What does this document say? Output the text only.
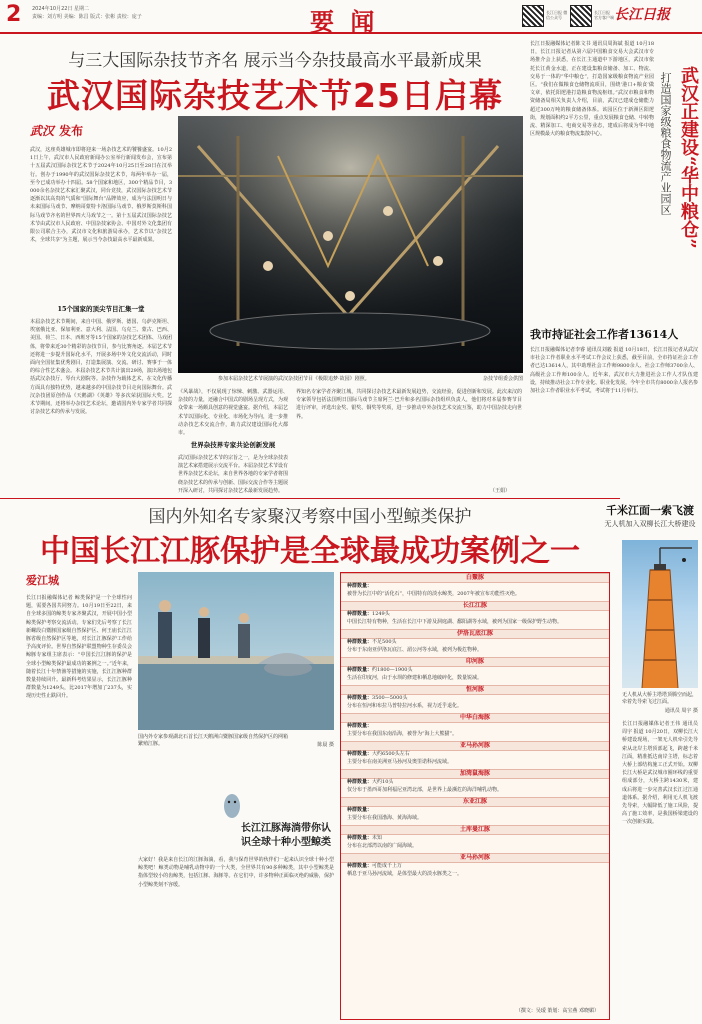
2 2024年10月22日 星期二
责编：刘方明 美编：陈昌 版式：张彬 责校：庞子	要 闻	长江日报 微信公众号
长江日报 官方客户端 长江日报
与三大国际杂技节齐名 展示当今杂技最高水平最新成果
武汉国际杂技艺术节25日启幕
武汉 发布
武汉，这座英雄城市即将迎来一场杂技艺术的饕餮盛宴。10月21日上午，武汉市人民政府新闻办公室举行新闻发布会，宣布第十五届武汉国际杂技艺术节于2024年10月25日至28日在汉举行。创办于1990年的武汉国际杂技艺术节，每两年举办一届，至今已成功举办十四届。58个国家和地区，300个精品节目，3000余名杂技艺术家汇聚武汉，同台竞技，武汉国际杂技艺术节逐渐以其高贵的气质和“国际舞台”品牌效应，成为与法国明日与未来国际马戏节、摩纳哥蒙特卡洛国际马戏节、俄罗斯莫斯科国际马戏节齐名的世界四大马戏节之一。第十五届武汉国际杂技艺术节由武汉市人民政府、中国杂技家协会、中国对外文化集团有限公司联合主办，武汉市文化和旅游局承办，艺术节以“杂技艺术，全球共享”为主题，展示当今杂技最高水平最新成果。
15个国家的顶尖节目汇集一堂
本届杂技艺术节期间，来自中国、俄罗斯、德国、乌萨克斯坦、埃塞俄比亚、保加利亚、意大利、法国、乌克兰、蒙古、巴西、美国、荷兰、日本、西班牙等15个国家的杂技艺术团体、马戏团体，将带来近30个精彩的杂技节目，参与比赛角逐。本届艺术节还将进一步提升国际化水平，开展多场中外文化交流活动，同时面向全国征集优秀剧目，打造集展演、交流、研讨、赛事于一体的综合性艺术盛会。本届杂技艺术节共计演出29场，演出场地包括武汉杂技厅、琴台大剧院等。杂技作为载体艺术，在文化传播方面具有独特优势，越来越多的中国杂技节目走向国际舞台。武汉杂技团原创作品《天鹅湖》《英雄》等多次荣获国际大奖。艺术节期间，还将举办杂技艺术论坛，邀请国内外专家学者共同探讨杂技艺术的传承与发展。
参加本届杂技艺术节展演的武汉杂技团节目《极限追梦·故园》剧照。	杂技节组委会供图
《风暴战》，不仅展现了惊悚、刺激、武器运用、杂技的力量，还融合中国式的剧场呈现方式，为观众带来一场颇具创意的视觉盛宴。据介绍，本届艺术节以国际化、专业化、市场化为导向，进一步推动杂技艺术交流合作，助力武汉建设国际化大都市。
世界杂技界专家共论创新发展
武汉国际杂技艺术节的宗旨之一，是为全球杂技表演艺术家搭建展示交流平台。本届杂技艺术节设有世界杂技艺术论坛，来自世界各地的专家学者将围绕杂技艺术的传承与创新、国际交流合作等主题展开深入研讨，共同探讨杂技艺术最新发展趋势。
界知名专家学者齐聚江城，共同探讨杂技艺术最新发展趋势，交流经验，促进创新和发展。此次来汉的专家领导包括法国明日国际马戏节主席阿兰·巴升和多名国际杂技组织负责人，他们将对本届参赛节目进行评审，评选出金奖、银奖、铜奖等奖项，进一步推动中外杂技艺术交流互鉴，助力中国杂技走向世界。
（王娟）
武汉正建设“华中粮仓”
打造国家级粮食物流产业园区
长江日报融媒体记者陈文书 通讯员周海斌 报道 10月18日，长江日报记者从第六届中国粮食交易大会武汉市专场推介会上获悉，在长江主通道中下游地区，武汉市依托长江黄金水道，正在建设集粮食储备、加工、物流、交易于一体的“华中粮仓”，打造国家级粮食物流产业园区。“我们在做粮食仓储物流项目，围绕‘港口+粮食’做文章，依托阳逻港打造粮食物流枢纽。”武汉市粮食和物资储备局相关负责人介绍，目前，武汉已建成仓储能力超过300万吨的粮食储备体系。该园区位于新洲区阳逻街，规划面积约2平方公里，重点发展粮食仓储、中转物流、精深加工、电商交易等业态，建成后将成为华中地区规模最大的粮食物流集散中心。
我市持证社会工作者13614人
长江日报融媒体记者李睿 通讯员刘毅 报道 10月18日，长江日报记者从武汉市社会工作者职业水平考试工作会议上获悉，截至目前，全市持证社会工作者已达13614人，其中助理社会工作师9800余人、社会工作师3700余人、高级社会工作师100余人。近年来，武汉市大力推进社会工作人才队伍建设，持续推动社会工作专业化、职业化发展。今年全市共有8000余人报名参加社会工作者职业水平考试，考试将于11月举行。
千米江面一索飞渡
无人机加入双柳长江大桥建设
无人机从大桥主塔塔顶腾空而起，牵着先导索飞过江面。
通讯员 周宇 摄
长江日报融媒体记者王伟 通讯员 周宇 报道 10月20日，双柳长江大桥建设现场，一架无人机牵引先导索从北岸主塔顶部起飞，跨越千米江面，精准抵达南岸主塔，标志着大桥上部结构施工正式开始。双柳长江大桥是武汉城市圈环线的重要组成部分，大桥主跨1430米，建成后将进一步完善武汉长江过江通道体系。据介绍，利用无人机飞渡先导索，大幅降低了施工风险，提高了施工效率，是我国桥梁建设的一次创新实践。
国内外知名专家聚汉考察中国小型鲸类保护
中国长江江豚保护是全球最成功案例之一
爱江城
长江日报融媒体记者 鲸类保护是一个全球性问题，需要各国共同努力。10月19日至22日，来自全球多国的鲸类专家齐聚武汉，开展中国小型鲸类保护考察交流活动。专家们先后考察了长江新螺段白鱀豚国家级自然保护区、何王庙长江江豚省级自然保护区等地，对长江江豚保护工作给予高度评价。世界自然保护联盟物种生存委员会鲸豚专家组主席表示：“中国长江江豚的保护是全球小型鲸类保护最成功的案例之一。”近年来，随着长江十年禁渔等措施的实施，长江江豚种群数量持续回升。最新科考结果显示，长江江豚种群数量为1249头，比2017年增加了237头，实现历史性止跌回升。
国内外专家参观湖北石首长江天鹅洲白鱀豚国家级自然保护区的网箱繁殖江豚。	陈晨 摄
长江江豚海淌带你认识全球十种小型鲸类
大家好！我是来自长江的江豚海淌，看，我与保育世界的伙伴们一起来认识全球十种小型鲸类吧！鲸类动物是哺乳动物中的一个大类，全世界共有90多种鲸类，其中小型鲸类是指体型较小的齿鲸类，包括江豚、海豚等。在它们中，许多物种正面临灭绝的威胁，保护小型鲸类刻不容缓。
白鱀豚
种群数量：
被誉为长江中的“活化石”，中国特有的淡水鲸类，2007年被宣布功能性灭绝。
长江江豚
种群数量：1249头
中国长江特有物种，生活在长江中下游及洞庭湖、鄱阳湖等水域，被列为国家一级保护野生动物。
伊洛瓦底江豚
种群数量：不足500头
分布于东南亚伊洛瓦底江、湄公河等水域，被列为极危物种。
印河豚
种群数量：约1800—1900头
生活在印度河，由于水坝的修建和栖息地破碎化，数量锐减。
恒河豚
种群数量：3500—5000头
分布在恒河和布拉马普特拉河水系，视力近乎退化。
中华白海豚
种群数量：
主要分布在我国东南沿海，被誉为“海上大熊猫”。
亚马孙河豚
种群数量：大约6500头左右
主要分布在南美洲亚马孙河及奥里诺科河流域。
加湾鼠海豚
种群数量：大约10头
仅分布于墨西哥加利福尼亚湾北部，是世界上最濒危的海洋哺乳动物。
东亚江豚
种群数量：
主要分布在我国渤海、黄海海域。
土库曼江豚
种群数量：未知
分布在北部湾以南的广阔海域。
亚马孙河豚
种群数量：可能成千上万
栖息于亚马孙河流域，是体型最大的淡水豚类之一。
（撰文：吴瑷 策划：高宝燕 邓晓媚）
